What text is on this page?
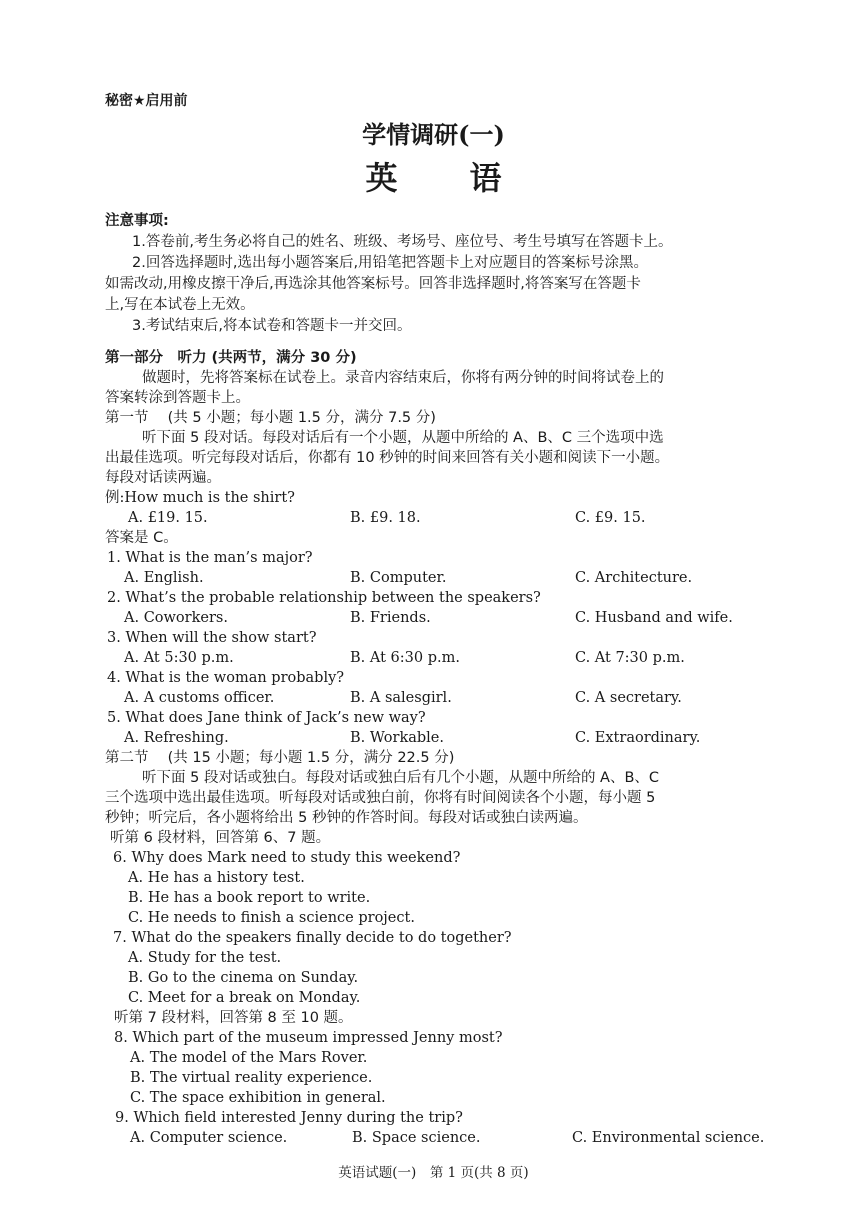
秘密★启用前
学情调研(一)
英　语
注意事项:
1.答卷前,考生务必将自己的姓名、班级、考场号、座位号、考生号填写在答题卡上。
2.回答选择题时,选出每小题答案后,用铅笔把答题卡上对应题目的答案标号涂黑。
如需改动,用橡皮擦干净后,再选涂其他答案标号。回答非选择题时,将答案写在答题卡
上,写在本试卷上无效。
3.考试结束后,将本试卷和答题卡一并交回。
第一部分　听力 (共两节，满分 30 分)
做题时，先将答案标在试卷上。录音内容结束后，你将有两分钟的时间将试卷上的
答案转涂到答题卡上。
第一节　 (共 5 小题；每小题 1.5 分，满分 7.5 分)
听下面 5 段对话。每段对话后有一个小题，从题中所给的 A、B、C 三个选项中选
出最佳选项。听完每段对话后，你都有 10 秒钟的时间来回答有关小题和阅读下一小题。
每段对话读两遍。
例:How much is the shirt?
A. £19. 15.	B. £9. 18.	C. £9. 15.
答案是 C。
1. What is the man’s major?
A. English.	B. Computer.	C. Architecture.
2. What’s the probable relationship between the speakers?
A. Coworkers.	B. Friends.	C. Husband and wife.
3. When will the show start?
A. At 5:30 p.m.	B. At 6:30 p.m.	C. At 7:30 p.m.
4. What is the woman probably?
A. A customs officer.	B. A salesgirl.	C. A secretary.
5. What does Jane think of Jack’s new way?
A. Refreshing.	B. Workable.	C. Extraordinary.
第二节　 (共 15 小题；每小题 1.5 分，满分 22.5 分)
听下面 5 段对话或独白。每段对话或独白后有几个小题，从题中所给的 A、B、C
三个选项中选出最佳选项。听每段对话或独白前，你将有时间阅读各个小题，每小题 5
秒钟；听完后，各小题将给出 5 秒钟的作答时间。每段对话或独白读两遍。
听第 6 段材料，回答第 6、7 题。
6. Why does Mark need to study this weekend?
A. He has a history test.
B. He has a book report to write.
C. He needs to finish a science project.
7. What do the speakers finally decide to do together?
A. Study for the test.
B. Go to the cinema on Sunday.
C. Meet for a break on Monday.
听第 7 段材料，回答第 8 至 10 题。
8. Which part of the museum impressed Jenny most?
A. The model of the Mars Rover.
B. The virtual reality experience.
C. The space exhibition in general.
9. Which field interested Jenny during the trip?
A. Computer science.	B. Space science.	C. Environmental science.
英语试题(一)　第 1 页(共 8 页)
